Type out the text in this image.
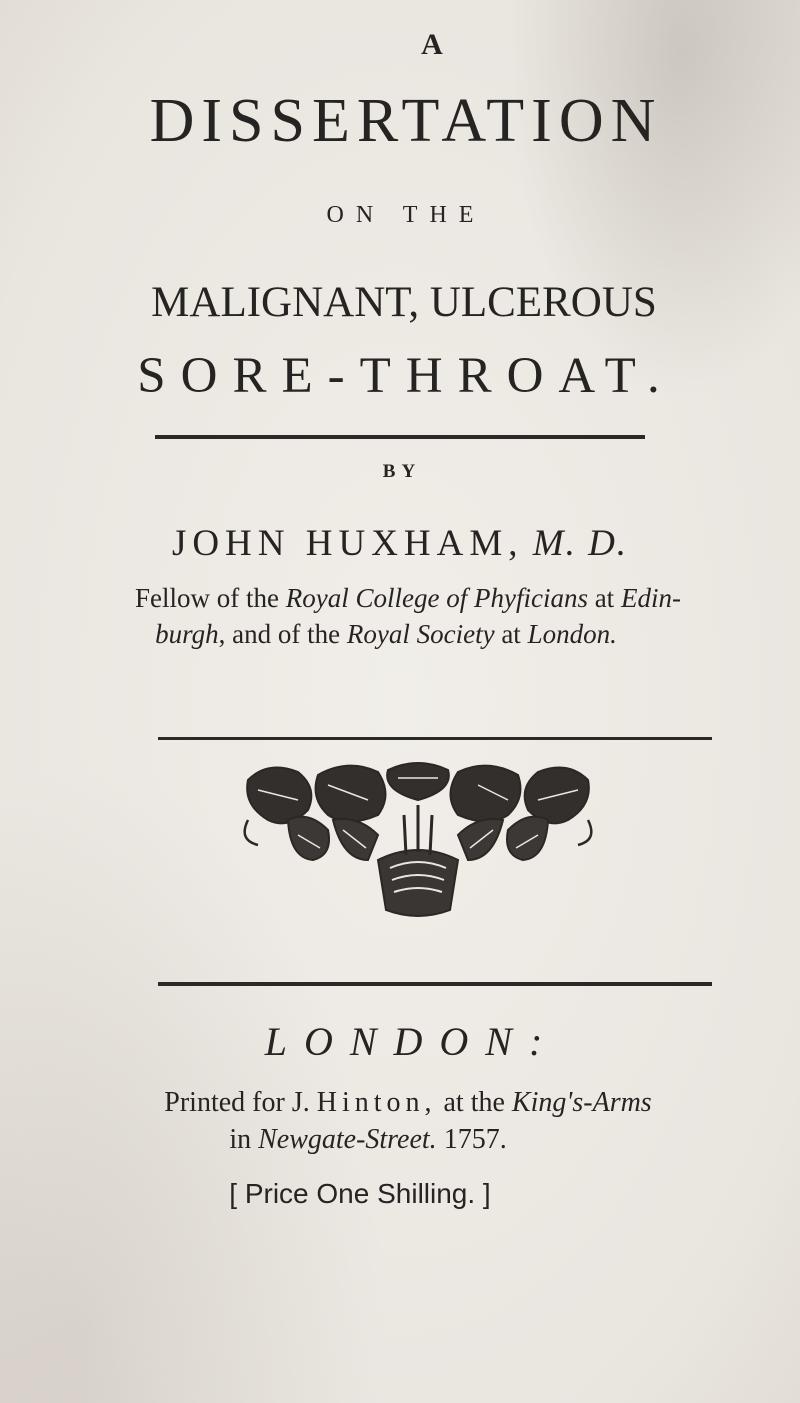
A
DISSERTATION
ON THE
MALIGNANT, ULCEROUS
SORE-THROAT.
BY
JOHN HUXHAM, M. D.
Fellow of the Royal College of Phyficians at Edin-
burgh, and of the Royal Society at London.
LONDON:
Printed for J. Hinton, at the King's-Arms
in Newgate-Street. 1757.
[ Price One Shilling. ]
